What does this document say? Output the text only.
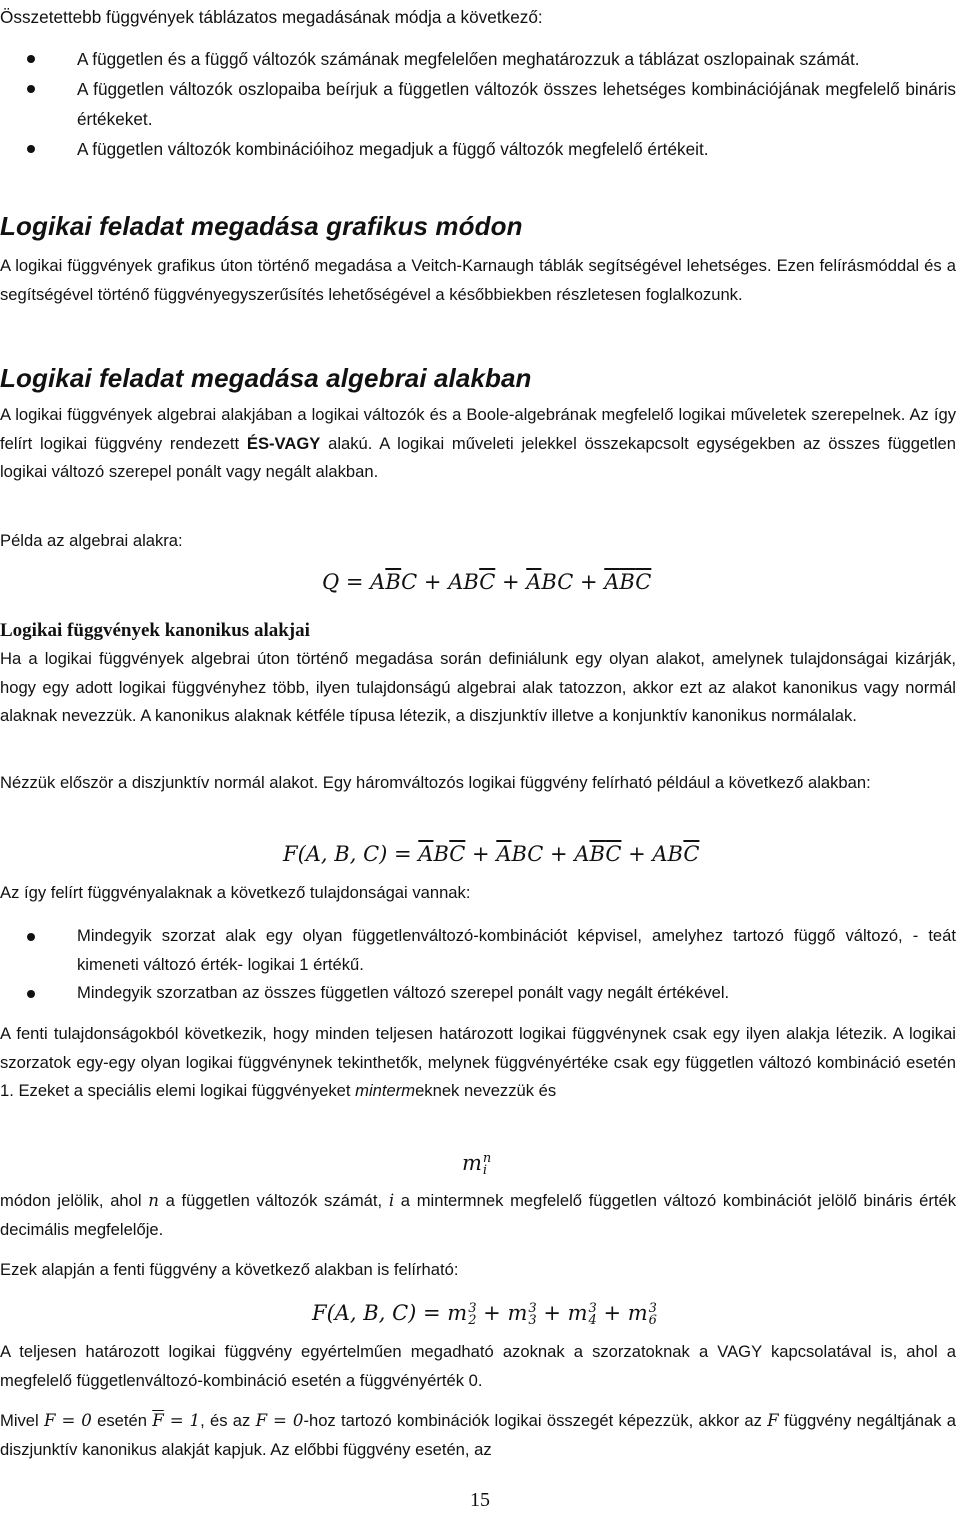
Összetettebb függvények táblázatos megadásának módja a következő:

A független és a függő változók számának megfelelően meghatározzuk a táblázat oszlopainak számát.
A független változók oszlopaiba beírjuk a független változók összes lehetséges kombinációjának megfelelő bináris értékeket.
A független változók kombinációihoz megadjuk a függő változók megfelelő értékeit.
Logikai feladat megadása grafikus módon

A logikai függvények grafikus úton történő megadása a Veitch-Karnaugh táblák segítségével lehetséges. Ezen felírásmóddal és a segítségével történő függvényegyszerűsítés lehetőségével a későbbiekben részletesen foglalkozunk.

Logikai feladat megadása algebrai alakban

A logikai függvények algebrai alakjában a logikai változók és a Boole-algebrának megfelelő logikai műveletek szerepelnek. Az így felírt logikai függvény rendezett ÉS-VAGY alakú. A logikai műveleti jelekkel összekapcsolt egységekben az összes független logikai változó szerepel ponált vagy negált alakban.

Példa az algebrai alakra:

$Q = A\overline{B}C + AB\overline{C} + \overline{A}BC + \overline{A}\overline{B}\overline{C}$
Logikai függvények kanonikus alakjai

Ha a logikai függvények algebrai úton történő megadása során definiálunk egy olyan alakot, amelynek tulajdonságai kizárják, hogy egy adott logikai függvényhez több, ilyen tulajdonságú algebrai alak tatozzon, akkor ezt az alakot kanonikus vagy normál alaknak nevezzük. A kanonikus alaknak kétféle típusa létezik, a diszjunktív illetve a konjunktív kanonikus normálalak.

Nézzük először a diszjunktív normál alakot. Egy háromváltozós logikai függvény felírható például a következő alakban:

F(A, B, $C) = \overline{A}B\overline{C} + \overline{A}BC + A\overline{B}\overline{C} + AB\overline{C}$

Az így felírt függvényalaknak a következő tulajdonságai vannak:

Mindegyik szorzat alak egy olyan függetlenváltozó-kombinációt képvisel, amelyhez tartozó függő változó, - teát kimeneti változó érték- logikai 1 értékű.
Mindegyik szorzatban az összes független változó szerepel ponált vagy negált értékével.

A fenti tulajdonságokból következik, hogy minden teljesen határozott logikai függvénynek csak egy ilyen alakja létezik. A logikai szorzatok egy-egy olyan logikai függvénynek tekinthetők, melynek függvényértéke csak egy független változó kombináció esetén 1. Ezeket a speciális elemi logikai függvényeket mintermeknek nevezzük és

mn
i

módon jelölik, ahol n a független változók számát, i a mintermnek megfelelő független változó kombinációt jelölő bináris érték decimális megfelelője.

Ezek alapján a fenti függvény a következő alakban is felírható:

F(A, B, C) = m3
2 + m3
3 + m3
4 + m3
6

A teljesen határozott logikai függvény egyértelműen megadható azoknak a szorzatoknak a VAGY kapcsolatával is, ahol a megfelelő függetlenváltozó-kombináció esetén a függvényérték 0.

Mivel F = 0 esetén $\overline{F} = 1$, és az F = 0-hoz tartozó kombinációk logikai összegét képezzük, akkor az F függvény negáltjának a diszjunktív kanonikus alakját kapjuk. Az előbbi függvény esetén, az

15
